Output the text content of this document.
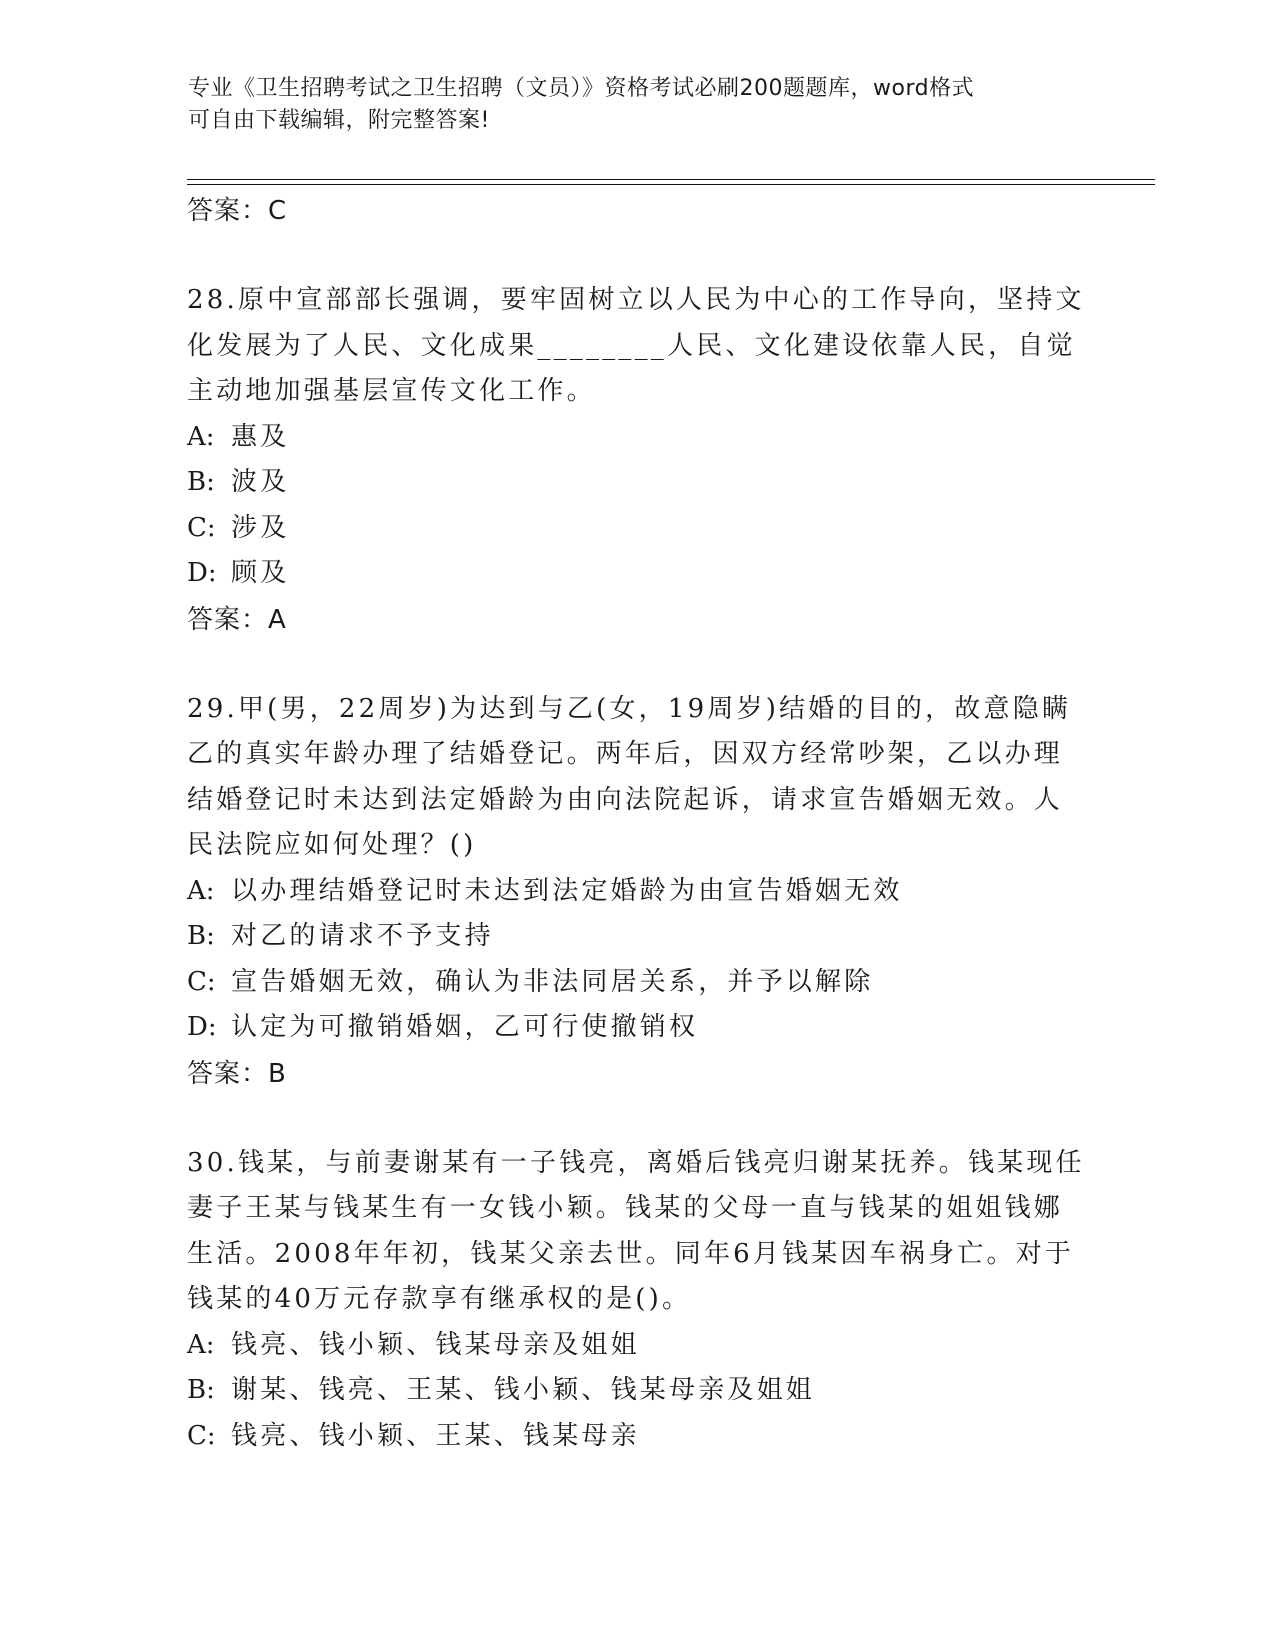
专业《卫生招聘考试之卫生招聘（文员）》资格考试必刷200题题库，word格式
可自由下载编辑，附完整答案!
答案：C
28.原中宣部部长强调，要牢固树立以人民为中心的工作导向，坚持文
化发展为了人民、文化成果________人民、文化建设依靠人民，自觉
主动地加强基层宣传文化工作。
A: 惠及
B: 波及
C: 涉及
D: 顾及
答案：A
29.甲(男，22周岁)为达到与乙(女，19周岁)结婚的目的，故意隐瞒
乙的真实年龄办理了结婚登记。两年后，因双方经常吵架，乙以办理
结婚登记时未达到法定婚龄为由向法院起诉，请求宣告婚姻无效。人
民法院应如何处理？()
A: 以办理结婚登记时未达到法定婚龄为由宣告婚姻无效
B: 对乙的请求不予支持
C: 宣告婚姻无效，确认为非法同居关系，并予以解除
D: 认定为可撤销婚姻，乙可行使撤销权
答案：B
30.钱某，与前妻谢某有一子钱亮，离婚后钱亮归谢某抚养。钱某现任
妻子王某与钱某生有一女钱小颖。钱某的父母一直与钱某的姐姐钱娜
生活。2008年年初，钱某父亲去世。同年6月钱某因车祸身亡。对于
钱某的40万元存款享有继承权的是()。
A: 钱亮、钱小颖、钱某母亲及姐姐
B: 谢某、钱亮、王某、钱小颖、钱某母亲及姐姐
C: 钱亮、钱小颖、王某、钱某母亲
